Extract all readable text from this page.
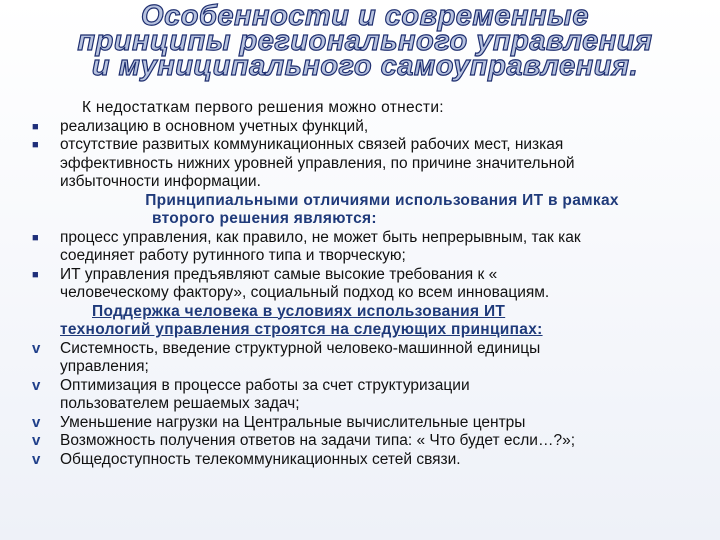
Особенности и современные
принципы регионального управления
и муниципального самоуправления.
К недостаткам первого решения можно отнести:
■	реализацию в основном учетных функций,
■	отсутствие развитых коммуникационных связей рабочих мест, низкая
эффективность нижних уровней управления, по причине значительной
избыточности информации.
Принципиальными отличиями использования ИТ в рамках
второго решения являются:
■	процесс управления, как правило, не может быть непрерывным, так как
соединяет работу рутинного типа и творческую;
■	ИТ управления предъявляют самые высокие требования к «
человеческому фактору», социальный подход ко всем инновациям.
Поддержка человека в условиях использования ИТ
технологий управления строятся на следующих принципах:
v Системность, введение структурной человеко-машинной единицы
управления;
v Оптимизация в процессе работы за счет структуризации
пользователем решаемых задач;
v Уменьшение нагрузки на Центральные вычислительные центры
v Возможность получения ответов на задачи типа: « Что будет если…?»;
v Общедоступность телекоммуникационных сетей связи.
